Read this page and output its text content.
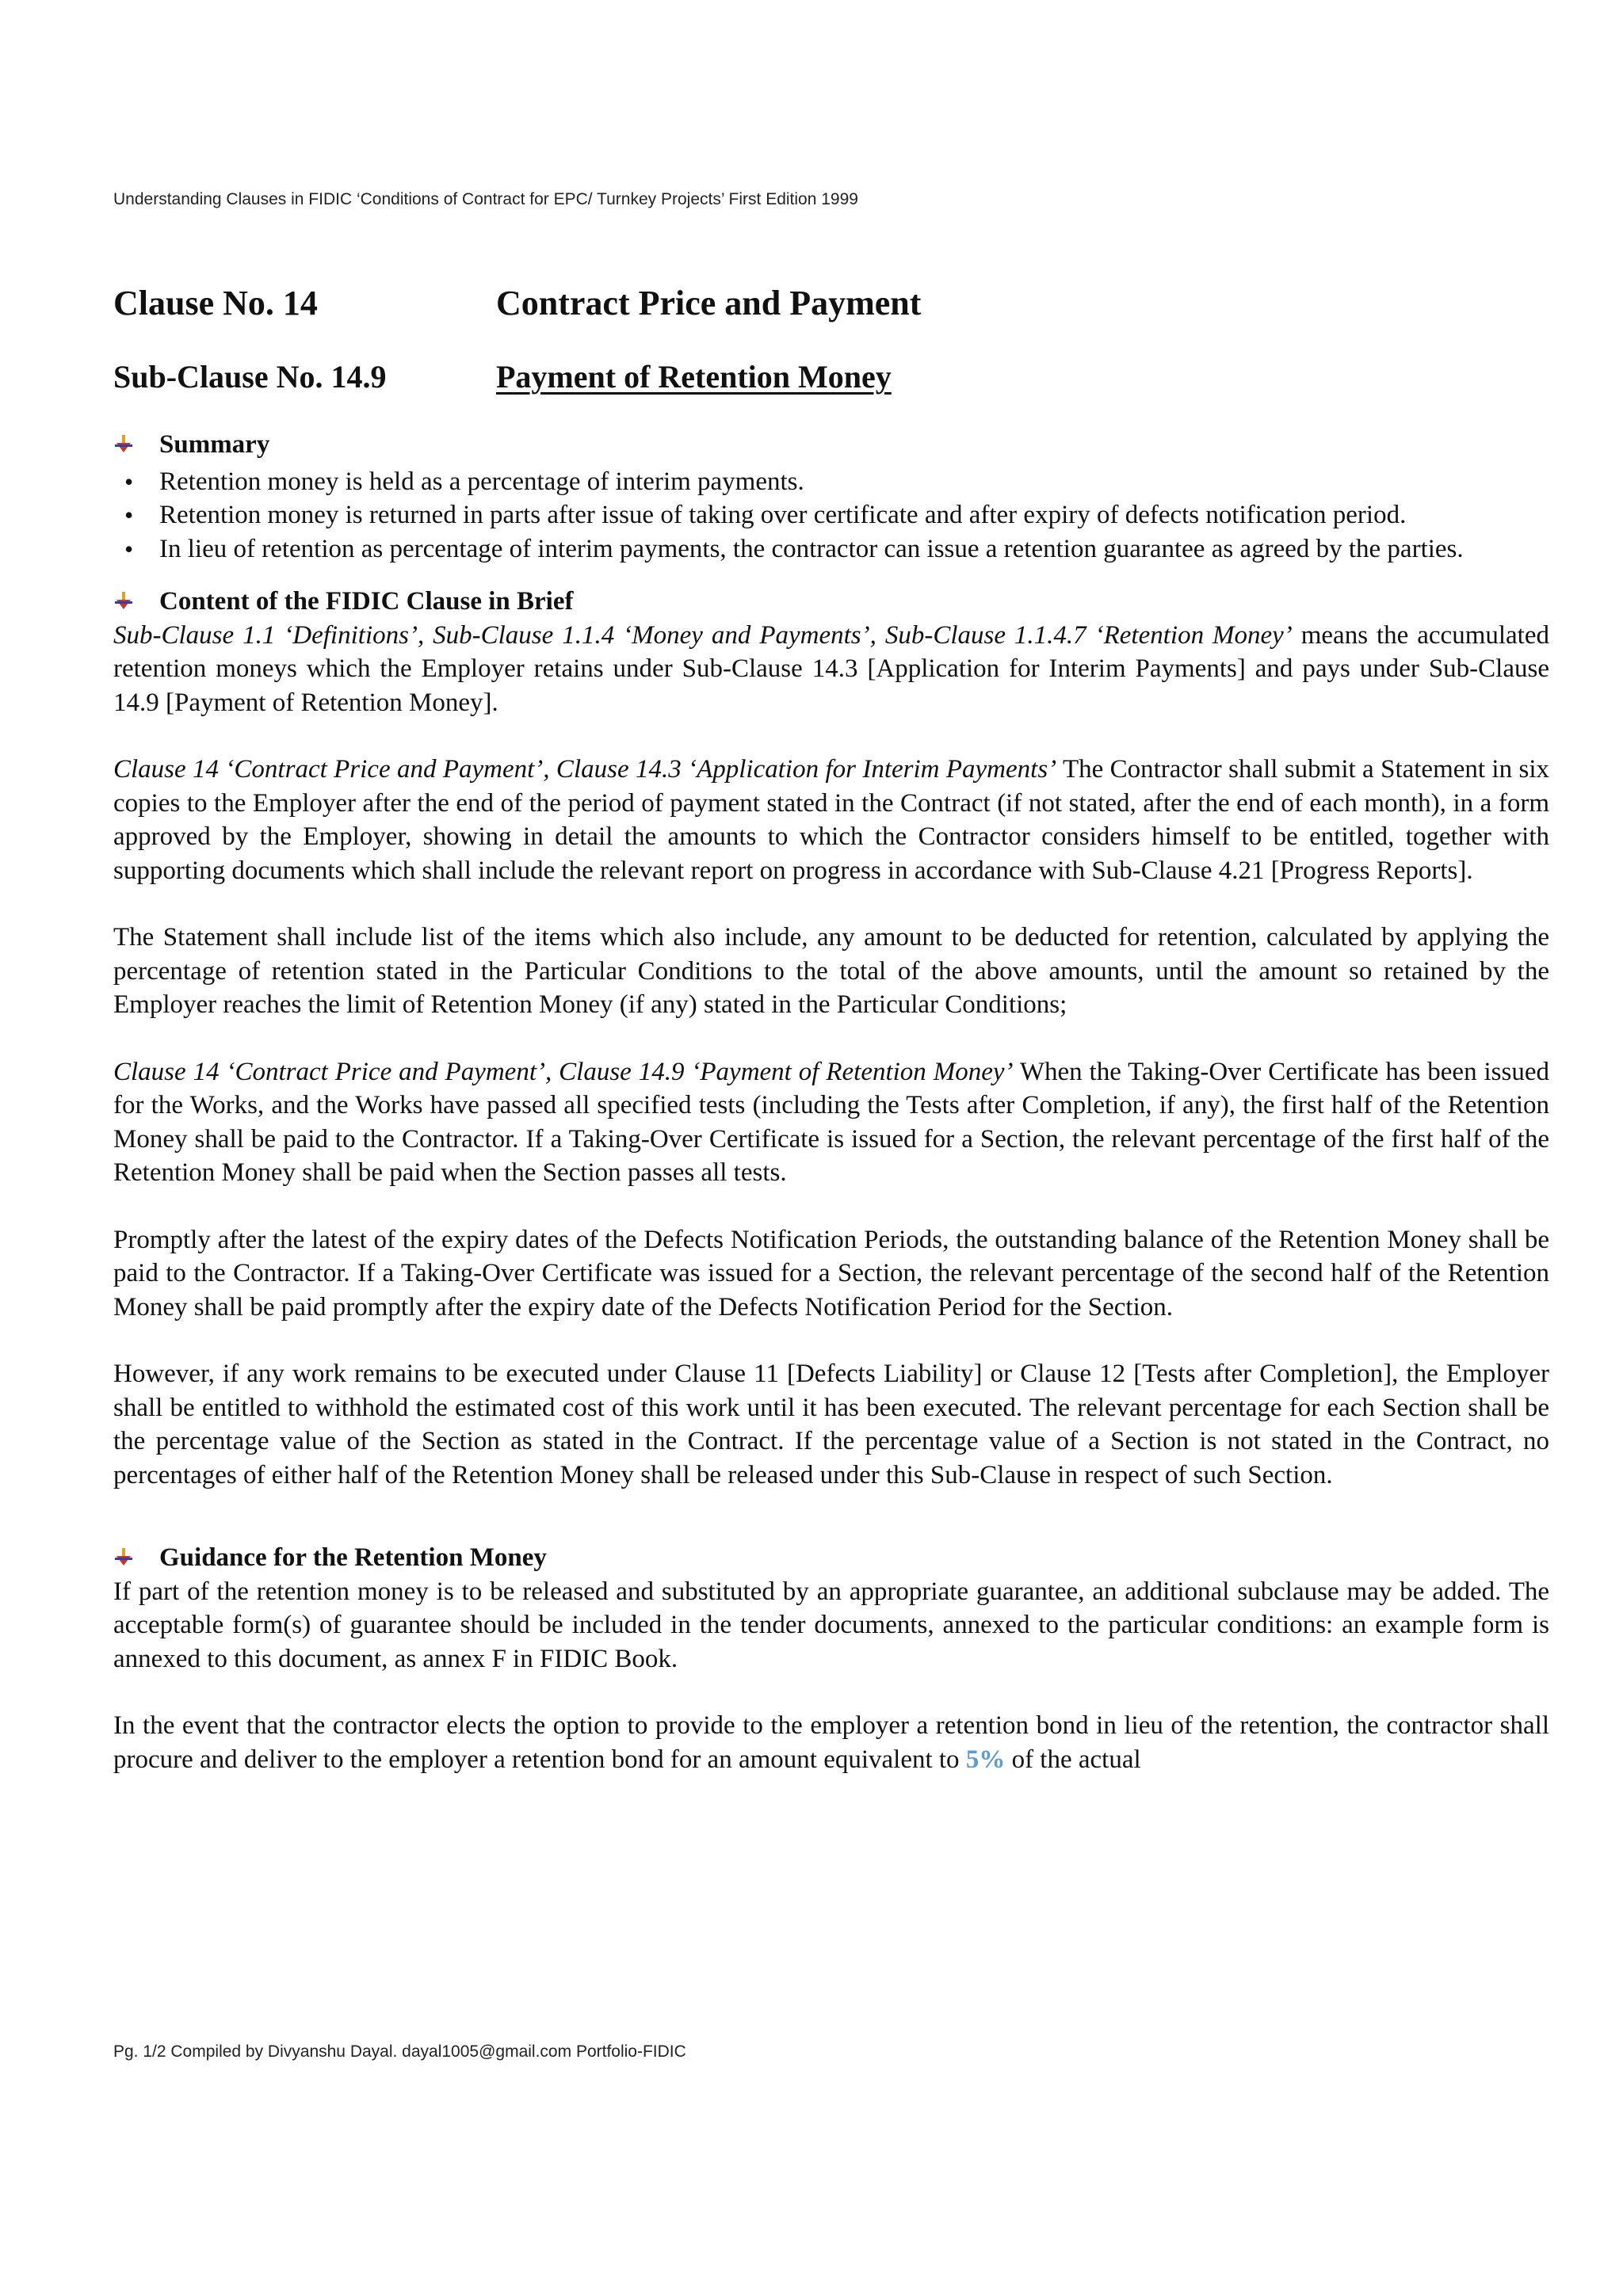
Understanding Clauses in FIDIC ‘Conditions of Contract for EPC/ Turnkey Projects’ First Edition 1999
Clause No. 14	Contract Price and Payment
Sub-Clause No. 14.9	Payment of Retention Money
Summary
• Retention money is held as a percentage of interim payments.
• Retention money is returned in parts after issue of taking over certificate and after expiry of defects notification period.
• In lieu of retention as percentage of interim payments, the contractor can issue a retention guarantee as agreed by the parties.
Content of the FIDIC Clause in Brief

Sub-Clause 1.1 ‘Definitions’, Sub-Clause 1.1.4 ‘Money and Payments’, Sub-Clause 1.1.4.7 ‘Retention Money’ means the accumulated retention moneys which the Employer retains under Sub-Clause 14.3 [Application for Interim Payments] and pays under Sub-Clause 14.9 [Payment of Retention Money].

Clause 14 ‘Contract Price and Payment’, Clause 14.3 ‘Application for Interim Payments’ The Contractor shall submit a Statement in six copies to the Employer after the end of the period of payment stated in the Contract (if not stated, after the end of each month), in a form approved by the Employer, showing in detail the amounts to which the Contractor considers himself to be entitled, together with supporting documents which shall include the relevant report on progress in accordance with Sub-Clause 4.21 [Progress Reports].

The Statement shall include list of the items which also include, any amount to be deducted for retention, calculated by applying the percentage of retention stated in the Particular Conditions to the total of the above amounts, until the amount so retained by the Employer reaches the limit of Retention Money (if any) stated in the Particular Conditions;

Clause 14 ‘Contract Price and Payment’, Clause 14.9 ‘Payment of Retention Money’ When the Taking-Over Certificate has been issued for the Works, and the Works have passed all specified tests (including the Tests after Completion, if any), the first half of the Retention Money shall be paid to the Contractor. If a Taking-Over Certificate is issued for a Section, the relevant percentage of the first half of the Retention Money shall be paid when the Section passes all tests.

Promptly after the latest of the expiry dates of the Defects Notification Periods, the outstanding balance of the Retention Money shall be paid to the Contractor. If a Taking-Over Certificate was issued for a Section, the relevant percentage of the second half of the Retention Money shall be paid promptly after the expiry date of the Defects Notification Period for the Section.

However, if any work remains to be executed under Clause 11 [Defects Liability] or Clause 12 [Tests after Completion], the Employer shall be entitled to withhold the estimated cost of this work until it has been executed. The relevant percentage for each Section shall be the percentage value of the Section as stated in the Contract. If the percentage value of a Section is not stated in the Contract, no percentages of either half of the Retention Money shall be released under this Sub-Clause in respect of such Section.

Guidance for the Retention Money

If part of the retention money is to be released and substituted by an appropriate guarantee, an additional subclause may be added. The acceptable form(s) of guarantee should be included in the tender documents, annexed to the particular conditions: an example form is annexed to this document, as annex F in FIDIC Book.

In the event that the contractor elects the option to provide to the employer a retention bond in lieu of the retention, the contractor shall procure and deliver to the employer a retention bond for an amount equivalent to 5% of the actual

Pg. 1/2 Compiled by Divyanshu Dayal. dayal1005@gmail.com Portfolio-FIDIC
